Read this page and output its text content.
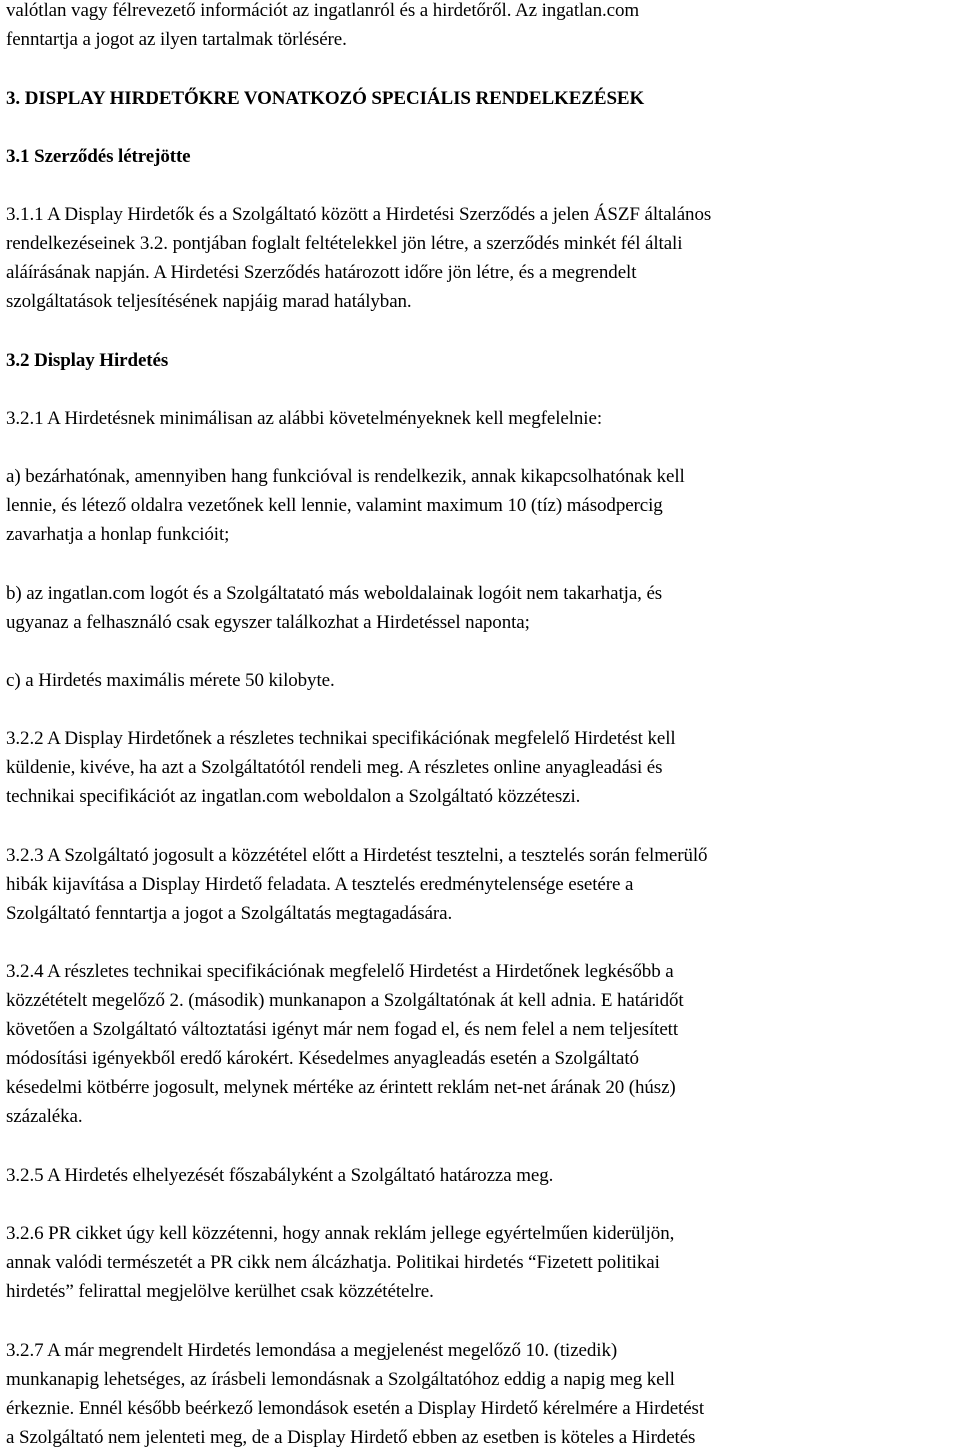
valótlan vagy félrevezető információt az ingatlanról és a hirdetőről. Az ingatlan.com
fenntartja a jogot az ilyen tartalmak törlésére.
3. DISPLAY HIRDETŐKRE VONATKOZÓ SPECIÁLIS RENDELKEZÉSEK
3.1 Szerződés létrejötte
3.1.1 A Display Hirdetők és a Szolgáltató között a Hirdetési Szerződés a jelen ÁSZF általános
rendelkezéseinek 3.2. pontjában foglalt feltételekkel jön létre, a szerződés minkét fél általi
aláírásának napján. A Hirdetési Szerződés határozott időre jön létre, és a megrendelt
szolgáltatások teljesítésének napjáig marad hatályban.
3.2 Display Hirdetés
3.2.1 A Hirdetésnek minimálisan az alábbi követelményeknek kell megfelelnie:
a) bezárhatónak, amennyiben hang funkcióval is rendelkezik, annak kikapcsolhatónak kell
lennie, és létező oldalra vezetőnek kell lennie, valamint maximum 10 (tíz) másodpercig
zavarhatja a honlap funkcióit;
b) az ingatlan.com logót és a Szolgáltatató más weboldalainak logóit nem takarhatja, és
ugyanaz a felhasználó csak egyszer találkozhat a Hirdetéssel naponta;
c) a Hirdetés maximális mérete 50 kilobyte.
3.2.2 A Display Hirdetőnek a részletes technikai specifikációnak megfelelő Hirdetést kell
küldenie, kivéve, ha azt a Szolgáltatótól rendeli meg. A részletes online anyagleadási és
technikai specifikációt az ingatlan.com weboldalon a Szolgáltató közzéteszi.
3.2.3 A Szolgáltató jogosult a közzététel előtt a Hirdetést tesztelni, a tesztelés során felmerülő
hibák kijavítása a Display Hirdető feladata. A tesztelés eredménytelensége esetére a
Szolgáltató fenntartja a jogot a Szolgáltatás megtagadására.
3.2.4 A részletes technikai specifikációnak megfelelő Hirdetést a Hirdetőnek legkésőbb a
közzétételt megelőző 2. (második) munkanapon a Szolgáltatónak át kell adnia. E határidőt
követően a Szolgáltató változtatási igényt már nem fogad el, és nem felel a nem teljesített
módosítási igényekből eredő károkért. Késedelmes anyagleadás esetén a Szolgáltató
késedelmi kötbérre jogosult, melynek mértéke az érintett reklám net-net árának 20 (húsz)
százaléka.
3.2.5 A Hirdetés elhelyezését főszabályként a Szolgáltató határozza meg.
3.2.6 PR cikket úgy kell közzétenni, hogy annak reklám jellege egyértelműen kiderüljön,
annak valódi természetét a PR cikk nem álcázhatja. Politikai hirdetés “Fizetett politikai
hirdetés” felirattal megjelölve kerülhet csak közzétételre.
3.2.7 A már megrendelt Hirdetés lemondása a megjelenést megelőző 10. (tizedik)
munkanapig lehetséges, az írásbeli lemondásnak a Szolgáltatóhoz eddig a napig meg kell
érkeznie. Ennél később beérkező lemondások esetén a Display Hirdető kérelmére a Hirdetést
a Szolgáltató nem jelenteti meg, de a Display Hirdető ebben az esetben is köteles a Hirdetés
